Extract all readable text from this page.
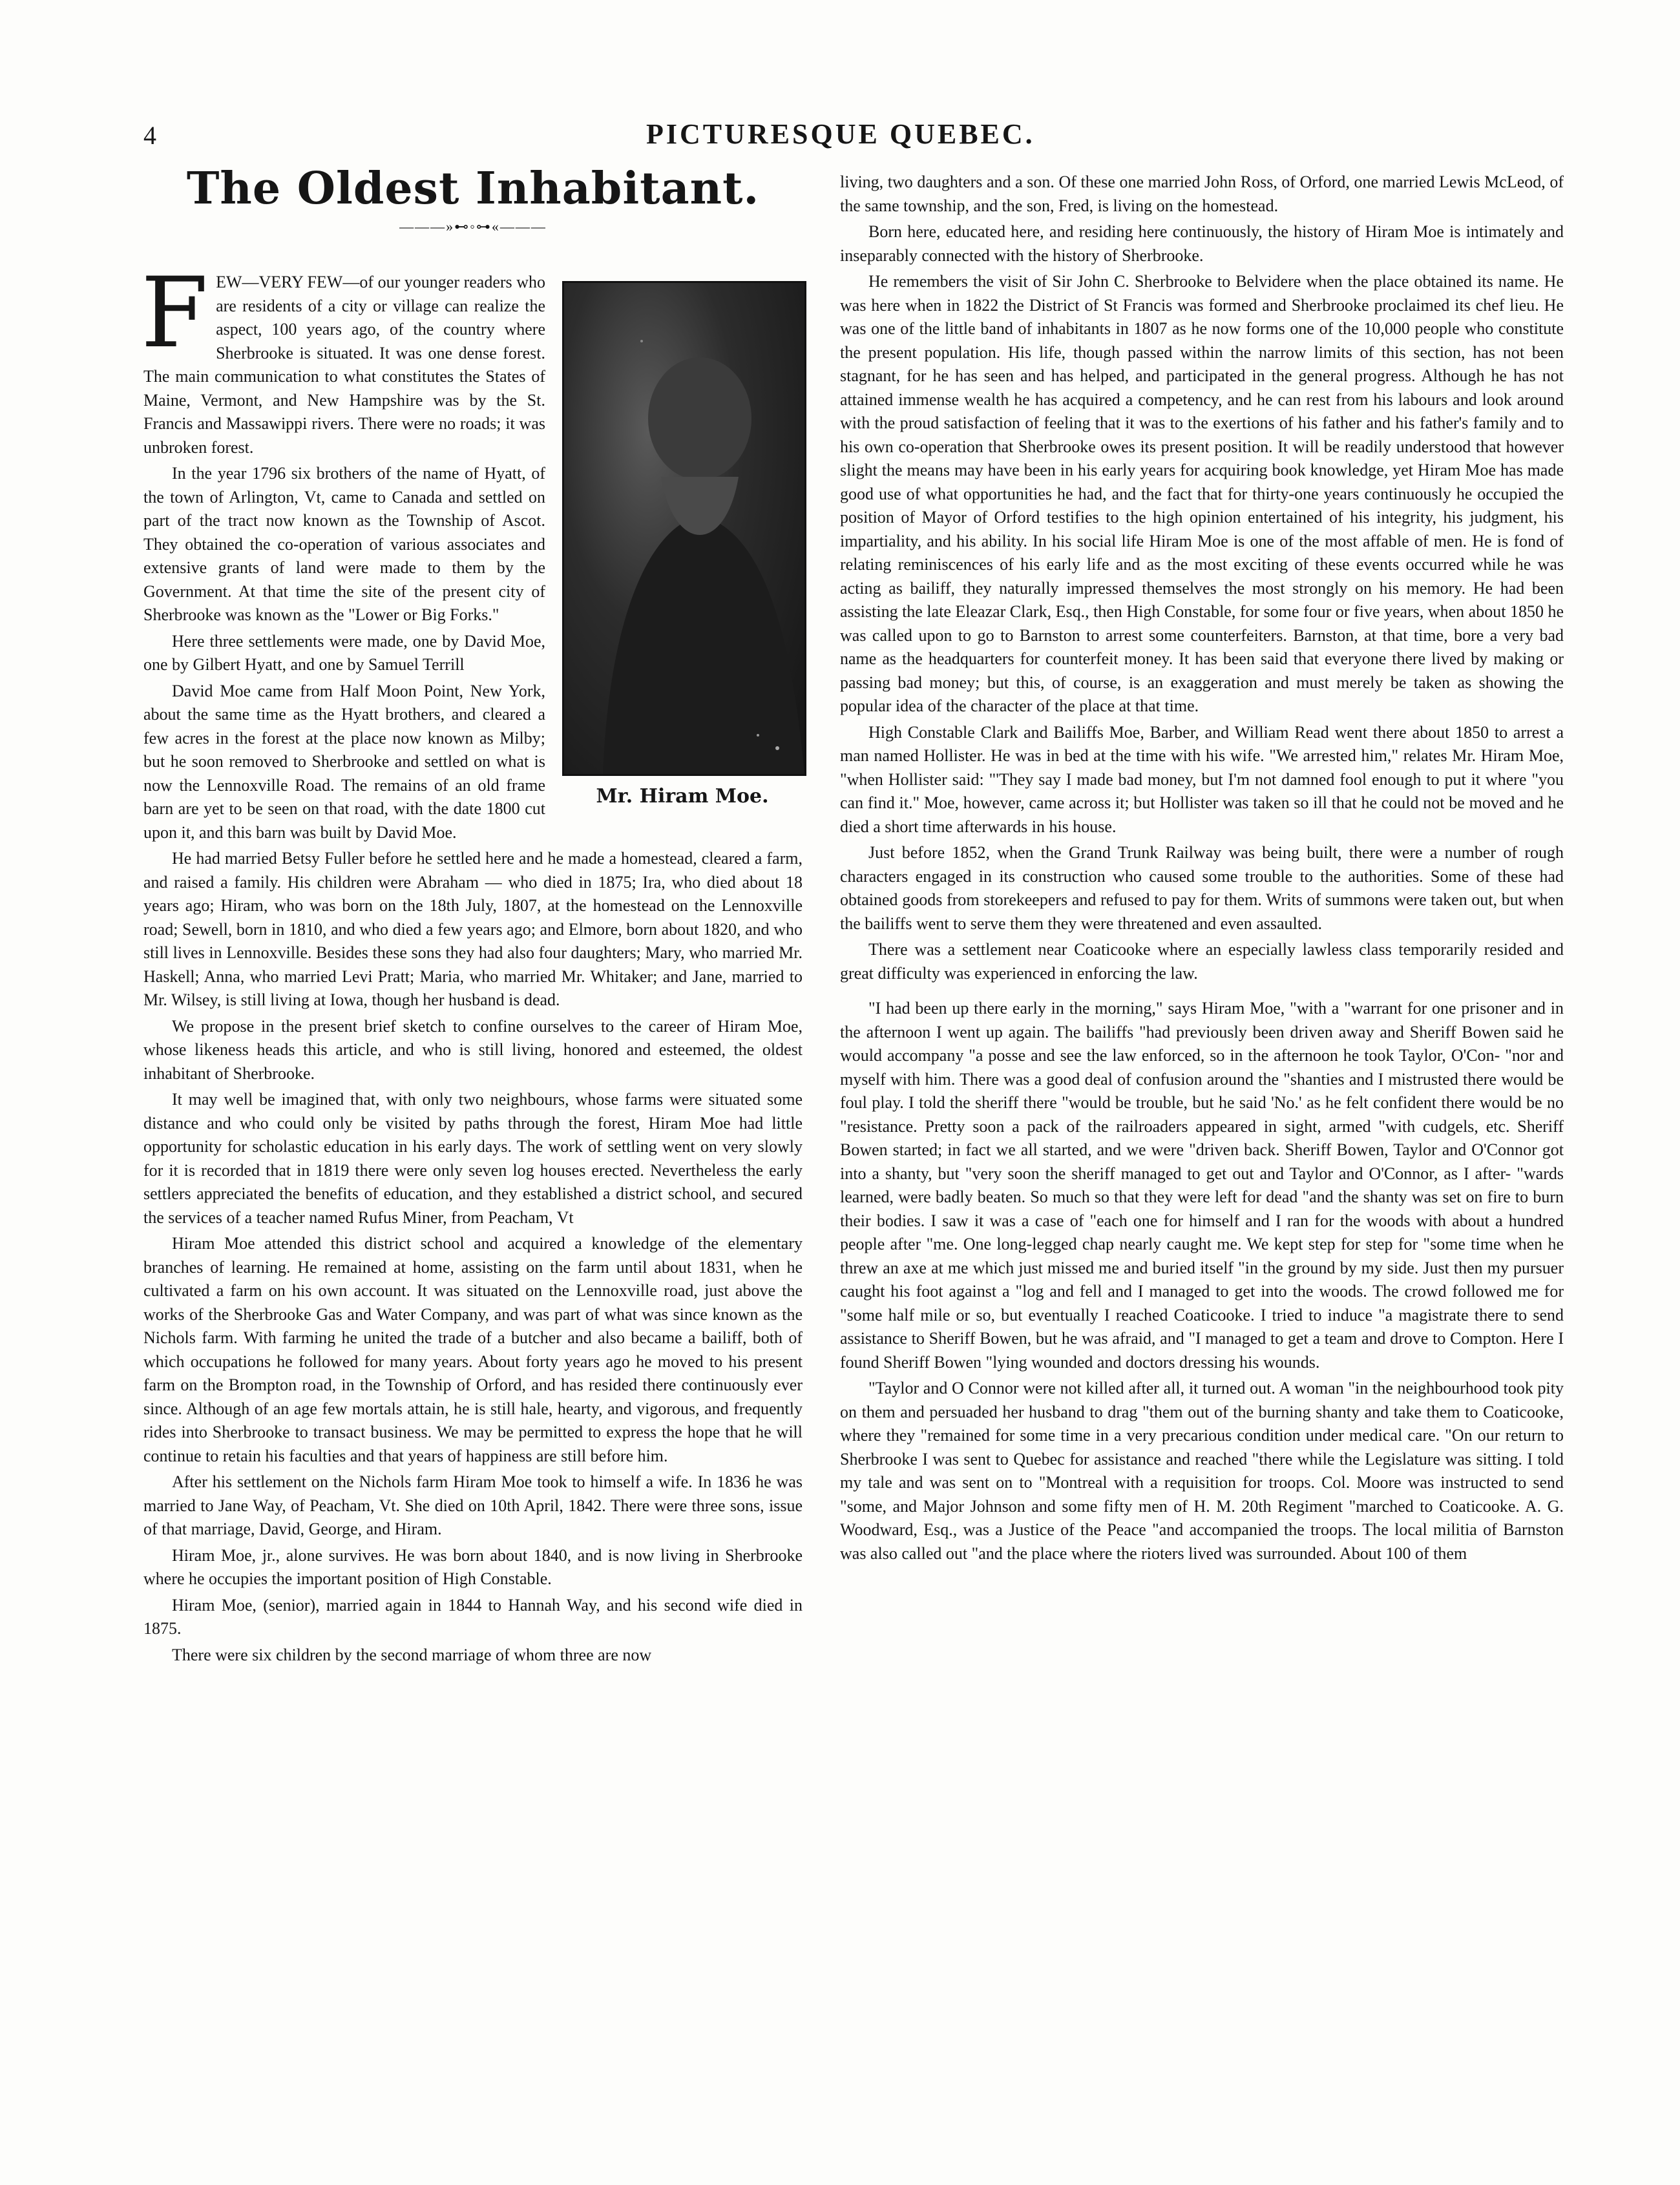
4	PICTURESQUE QUEBEC.
The Oldest Inhabitant.
———»⊷◦⊶«———
Mr. Hiram Moe.

FEW—VERY FEW—of our younger readers who are residents of a city or village can realize the aspect, 100 years ago, of the country where Sherbrooke is situated. It was one dense forest. The main communication to what constitutes the States of Maine, Vermont, and New Hampshire was by the St. Francis and Massawippi rivers. There were no roads; it was unbroken forest.

In the year 1796 six brothers of the name of Hyatt, of the town of Arlington, Vt, came to Canada and settled on part of the tract now known as the Township of Ascot. They obtained the co-operation of various associates and extensive grants of land were made to them by the Government. At that time the site of the present city of Sherbrooke was known as the "Lower or Big Forks."

Here three settlements were made, one by David Moe, one by Gilbert Hyatt, and one by Samuel Terrill

David Moe came from Half Moon Point, New York, about the same time as the Hyatt brothers, and cleared a few acres in the forest at the place now known as Milby; but he soon removed to Sherbrooke and settled on what is now the Lennoxville Road. The remains of an old frame barn are yet to be seen on that road, with the date 1800 cut upon it, and this barn was built by David Moe.

He had married Betsy Fuller before he settled here and he made a homestead, cleared a farm, and raised a family. His children were Abraham — who died in 1875; Ira, who died about 18 years ago; Hiram, who was born on the 18th July, 1807, at the homestead on the Lennoxville road; Sewell, born in 1810, and who died a few years ago; and Elmore, born about 1820, and who still lives in Lennoxville. Besides these sons they had also four daughters; Mary, who married Mr. Haskell; Anna, who married Levi Pratt; Maria, who married Mr. Whitaker; and Jane, married to Mr. Wilsey, is still living at Iowa, though her husband is dead.

We propose in the present brief sketch to confine ourselves to the career of Hiram Moe, whose likeness heads this article, and who is still living, honored and esteemed, the oldest inhabitant of Sherbrooke.

It may well be imagined that, with only two neighbours, whose farms were situated some distance and who could only be visited by paths through the forest, Hiram Moe had little opportunity for scholastic education in his early days. The work of settling went on very slowly for it is recorded that in 1819 there were only seven log houses erected. Nevertheless the early settlers appreciated the benefits of education, and they established a district school, and secured the services of a teacher named Rufus Miner, from Peacham, Vt

Hiram Moe attended this district school and acquired a knowledge of the elementary branches of learning. He remained at home, assisting on the farm until about 1831, when he cultivated a farm on his own account. It was situated on the Lennoxville road, just above the works of the Sherbrooke Gas and Water Company, and was part of what was since known as the Nichols farm. With farming he united the trade of a butcher and also became a bailiff, both of which occupations he followed for many years. About forty years ago he moved to his present farm on the Brompton road, in the Township of Orford, and has resided there continuously ever since. Although of an age few mortals attain, he is still hale, hearty, and vigorous, and frequently rides into Sherbrooke to transact business. We may be permitted to express the hope that he will continue to retain his faculties and that years of happiness are still before him.

After his settlement on the Nichols farm Hiram Moe took to himself a wife. In 1836 he was married to Jane Way, of Peacham, Vt. She died on 10th April, 1842. There were three sons, issue of that marriage, David, George, and Hiram.

Hiram Moe, jr., alone survives. He was born about 1840, and is now living in Sherbrooke where he occupies the important position of High Constable.

Hiram Moe, (senior), married again in 1844 to Hannah Way, and his second wife died in 1875.

There were six children by the second marriage of whom three are now

living, two daughters and a son. Of these one married John Ross, of Orford, one married Lewis McLeod, of the same township, and the son, Fred, is living on the homestead.

Born here, educated here, and residing here continuously, the history of Hiram Moe is intimately and inseparably connected with the history of Sherbrooke.

He remembers the visit of Sir John C. Sherbrooke to Belvidere when the place obtained its name. He was here when in 1822 the District of St Francis was formed and Sherbrooke proclaimed its chef lieu. He was one of the little band of inhabitants in 1807 as he now forms one of the 10,000 people who constitute the present population. His life, though passed within the narrow limits of this section, has not been stagnant, for he has seen and has helped, and participated in the general progress. Although he has not attained immense wealth he has acquired a competency, and he can rest from his labours and look around with the proud satisfaction of feeling that it was to the exertions of his father and his father's family and to his own co-operation that Sherbrooke owes its present position. It will be readily understood that however slight the means may have been in his early years for acquiring book knowledge, yet Hiram Moe has made good use of what opportunities he had, and the fact that for thirty-one years continuously he occupied the position of Mayor of Orford testifies to the high opinion entertained of his integrity, his judgment, his impartiality, and his ability. In his social life Hiram Moe is one of the most affable of men. He is fond of relating reminiscences of his early life and as the most exciting of these events occurred while he was acting as bailiff, they naturally impressed themselves the most strongly on his memory. He had been assisting the late Eleazar Clark, Esq., then High Constable, for some four or five years, when about 1850 he was called upon to go to Barnston to arrest some counterfeiters. Barnston, at that time, bore a very bad name as the headquarters for counterfeit money. It has been said that everyone there lived by making or passing bad money; but this, of course, is an exaggeration and must merely be taken as showing the popular idea of the character of the place at that time.

High Constable Clark and Bailiffs Moe, Barber, and William Read went there about 1850 to arrest a man named Hollister. He was in bed at the time with his wife. "We arrested him," relates Mr. Hiram Moe, "when Hollister said: "'They say I made bad money, but I'm not damned fool enough to put it where "you can find it." Moe, however, came across it; but Hollister was taken so ill that he could not be moved and he died a short time afterwards in his house.

Just before 1852, when the Grand Trunk Railway was being built, there were a number of rough characters engaged in its construction who caused some trouble to the authorities. Some of these had obtained goods from storekeepers and refused to pay for them. Writs of summons were taken out, but when the bailiffs went to serve them they were threatened and even assaulted.

There was a settlement near Coaticooke where an especially lawless class temporarily resided and great difficulty was experienced in enforcing the law.

"I had been up there early in the morning," says Hiram Moe, "with a "warrant for one prisoner and in the afternoon I went up again. The bailiffs "had previously been driven away and Sheriff Bowen said he would accompany "a posse and see the law enforced, so in the afternoon he took Taylor, O'Con- "nor and myself with him. There was a good deal of confusion around the "shanties and I mistrusted there would be foul play. I told the sheriff there "would be trouble, but he said 'No.' as he felt confident there would be no "resistance. Pretty soon a pack of the railroaders appeared in sight, armed "with cudgels, etc. Sheriff Bowen started; in fact we all started, and we were "driven back. Sheriff Bowen, Taylor and O'Connor got into a shanty, but "very soon the sheriff managed to get out and Taylor and O'Connor, as I after- "wards learned, were badly beaten. So much so that they were left for dead "and the shanty was set on fire to burn their bodies. I saw it was a case of "each one for himself and I ran for the woods with about a hundred people after "me. One long-legged chap nearly caught me. We kept step for step for "some time when he threw an axe at me which just missed me and buried itself "in the ground by my side. Just then my pursuer caught his foot against a "log and fell and I managed to get into the woods. The crowd followed me for "some half mile or so, but eventually I reached Coaticooke. I tried to induce "a magistrate there to send assistance to Sheriff Bowen, but he was afraid, and "I managed to get a team and drove to Compton. Here I found Sheriff Bowen "lying wounded and doctors dressing his wounds.

"Taylor and O Connor were not killed after all, it turned out. A woman "in the neighbourhood took pity on them and persuaded her husband to drag "them out of the burning shanty and take them to Coaticooke, where they "remained for some time in a very precarious condition under medical care. "On our return to Sherbrooke I was sent to Quebec for assistance and reached "there while the Legislature was sitting. I told my tale and was sent on to "Montreal with a requisition for troops. Col. Moore was instructed to send "some, and Major Johnson and some fifty men of H. M. 20th Regiment "marched to Coaticooke. A. G. Woodward, Esq., was a Justice of the Peace "and accompanied the troops. The local militia of Barnston was also called out "and the place where the rioters lived was surrounded. About 100 of them
